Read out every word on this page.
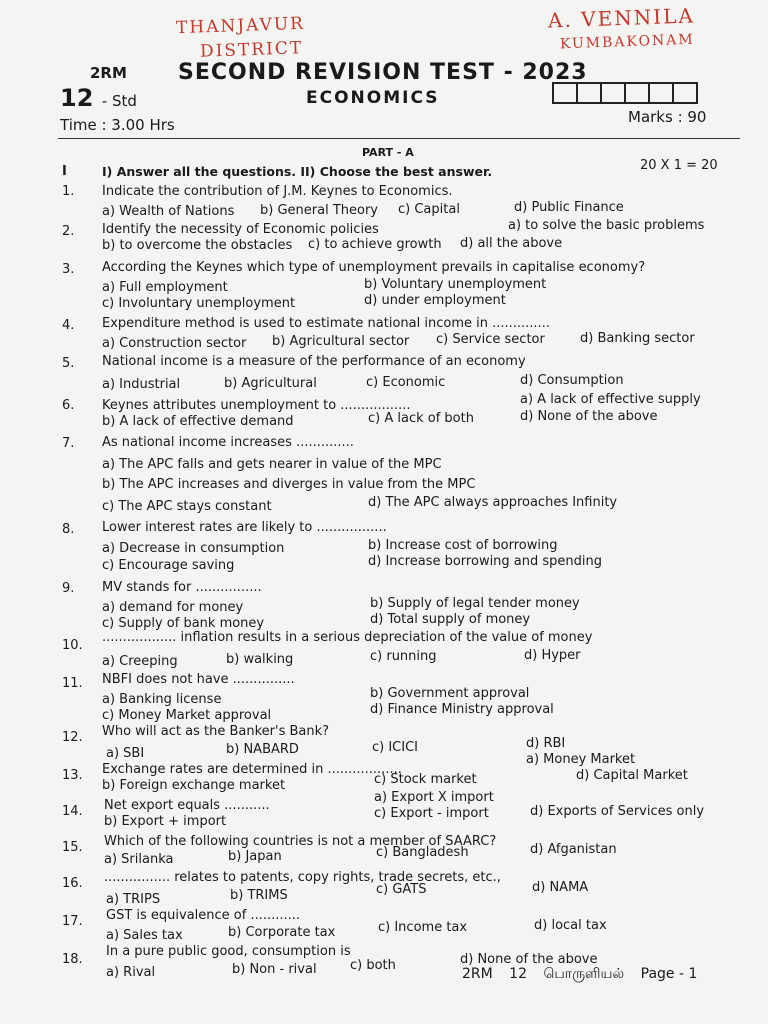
THANJAVUR
DISTRICT
A. VENNILA
KUMBAKONAM
2RM SECOND REVISION TEST - 2023
12 - Std	ECONOMICS
Time : 3.00 Hrs	Marks : 90
PART - A
I	I) Answer all the questions. II) Choose the best answer.	20 X 1 = 20
1. Indicate the contribution of J.M. Keynes to Economics.
a) Wealth of Nations b) General Theory c) Capital	d) Public Finance
2. Identify the necessity of Economic policies	a) to solve the basic problems
b) to overcome the obstacles c) to achieve growth d) all the above
3. According the Keynes which type of unemployment prevails in capitalise economy?
a) Full employment	b) Voluntary unemployment
c) Involuntary unemployment	d) under employment
4. Expenditure method is used to estimate national income in ..............
a) Construction sector b) Agricultural sector c) Service sector	d) Banking sector
5. National income is a measure of the performance of an economy
a) Industrial	b) Agricultural	c) Economic	d) Consumption
6. Keynes attributes unemployment to .................	a) A lack of effective supply
b) A lack of effective demand	c) A lack of both	d) None of the above
7. As national income increases ..............
a) The APC falls and gets nearer in value of the MPC
b) The APC increases and diverges in value from the MPC
c) The APC stays constant	d) The APC always approaches Infinity
8. Lower interest rates are likely to .................
a) Decrease in consumption	b) Increase cost of borrowing
c) Encourage saving	d) Increase borrowing and spending
9. MV stands for ................
a) demand for money	b) Supply of legal tender money
c) Supply of bank money	d) Total supply of money
10.
.................. inflation results in a serious depreciation of the value of money
a) Creeping	b) walking	c) running	d) Hyper
11. NBFI does not have ...............
a) Banking license	b) Government approval
c) Money Market approval	d) Finance Ministry approval
12. Who will act as the Banker's Bank?
a) SBI	b) NABARD	c) ICICI	d) RBI
13. Exchange rates are determined in ..................
a) Money Market
b) Foreign exchange market	c) Stock market	d) Capital Market
14. Net export equals ...........
a) Export X import
b) Export + import
c) Export - import	d) Exports of Services only
15. Which of the following countries is not a member of SAARC?
a) Srilanka	b) Japan	c) Bangladesh	d) Afganistan
16. ................ relates to patents, copy rights, trade secrets, etc.,
a) TRIPS	b) TRIMS	c) GATS	d) NAMA
17. GST is equivalence of ............
a) Sales tax	b) Corporate tax	c) Income tax	d) local tax
18.
In a pure public good, consumption is
a) Rival	b) Non - rival	c) both	d) None of the above
2RM 12 பொருளியல் Page - 1
